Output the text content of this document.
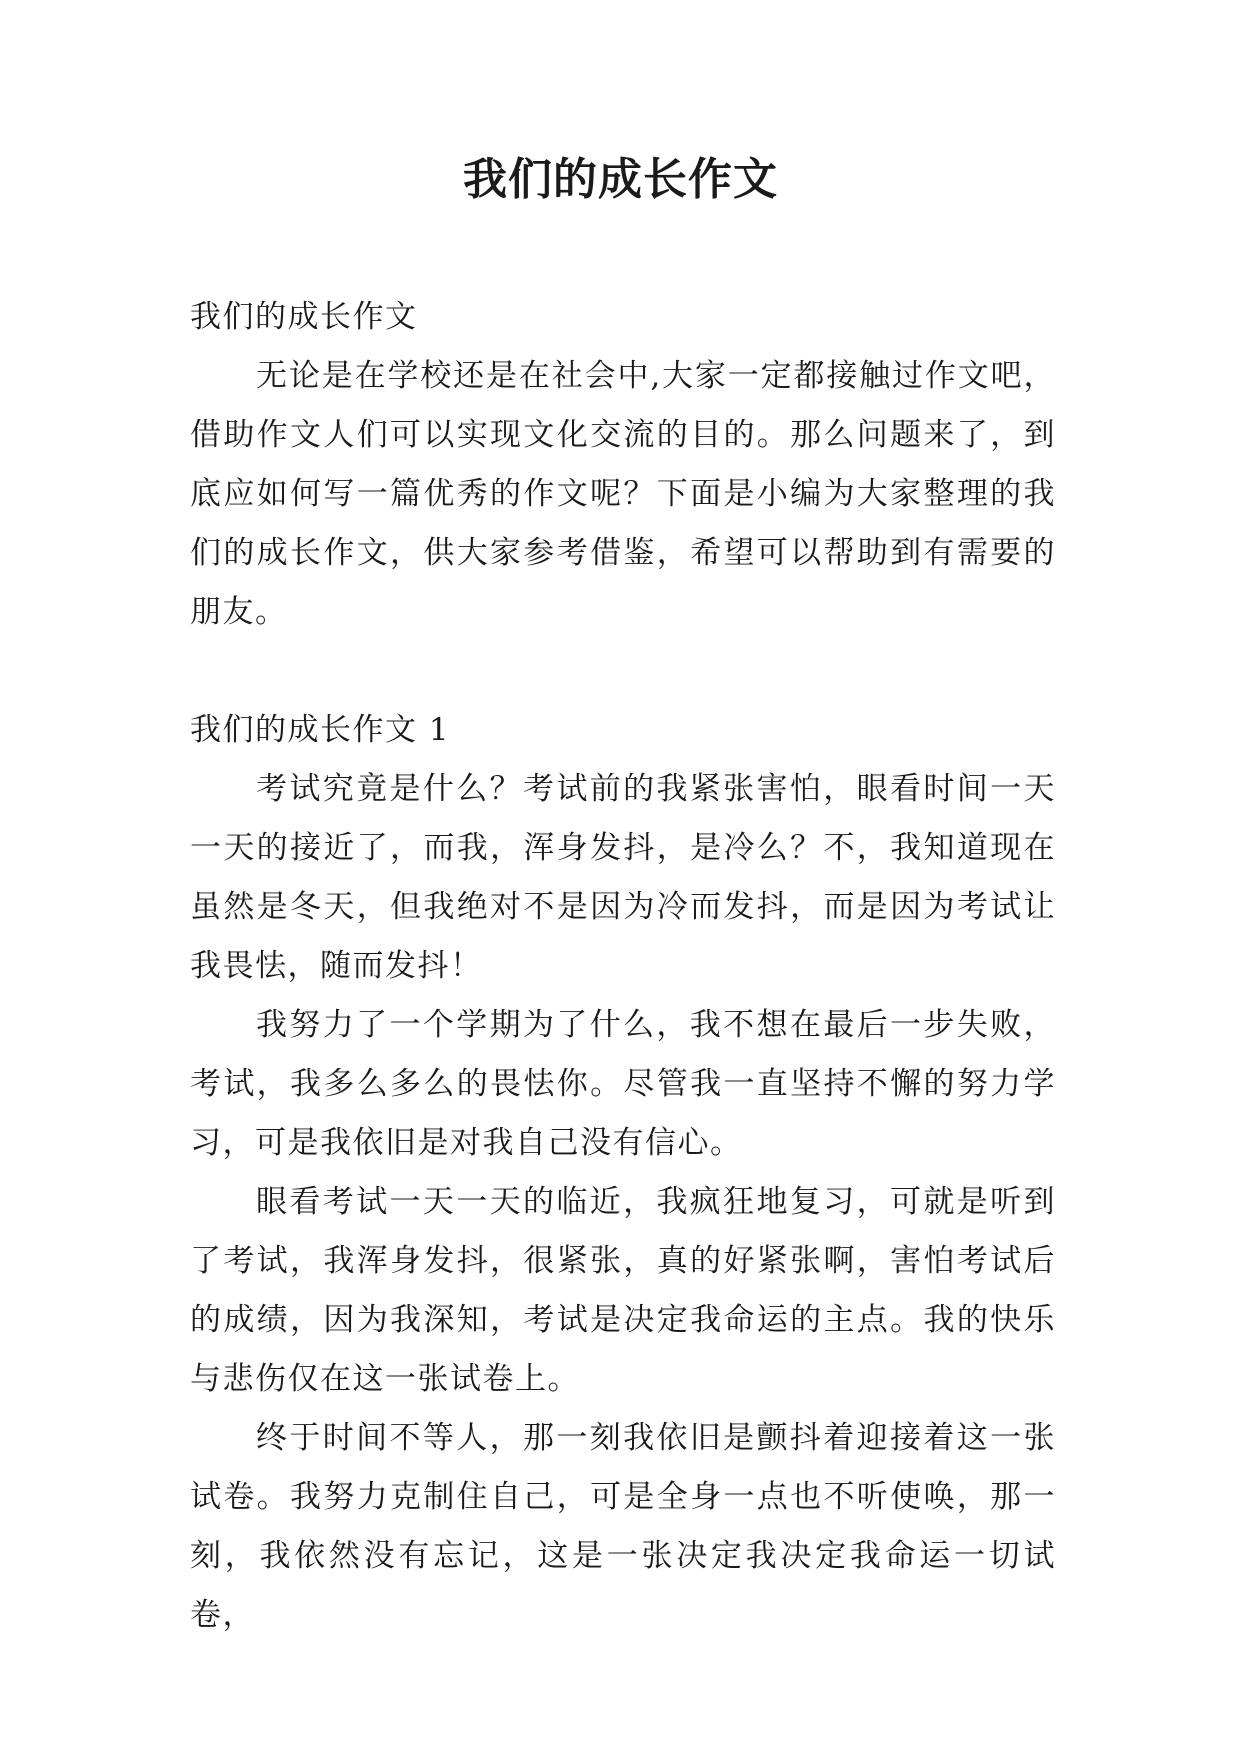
我们的成长作文

我们的成长作文

无论是在学校还是在社会中,大家一定都接触过作文吧，借助作文人们可以实现文化交流的目的。那么问题来了，到底应如何写一篇优秀的作文呢？下面是小编为大家整理的我们的成长作文，供大家参考借鉴，希望可以帮助到有需要的朋友。

我们的成长作文 1

考试究竟是什么？考试前的我紧张害怕，眼看时间一天一天的接近了，而我，浑身发抖，是冷么？不，我知道现在虽然是冬天，但我绝对不是因为冷而发抖，而是因为考试让我畏怯，随而发抖！

我努力了一个学期为了什么，我不想在最后一步失败，考试，我多么多么的畏怯你。尽管我一直坚持不懈的努力学习，可是我依旧是对我自己没有信心。

眼看考试一天一天的临近，我疯狂地复习，可就是听到了考试，我浑身发抖，很紧张，真的好紧张啊，害怕考试后的成绩，因为我深知，考试是决定我命运的主点。我的快乐与悲伤仅在这一张试卷上。

终于时间不等人，那一刻我依旧是颤抖着迎接着这一张试卷。我努力克制住自己，可是全身一点也不听使唤，那一刻，我依然没有忘记，这是一张决定我决定我命运一切试卷，
